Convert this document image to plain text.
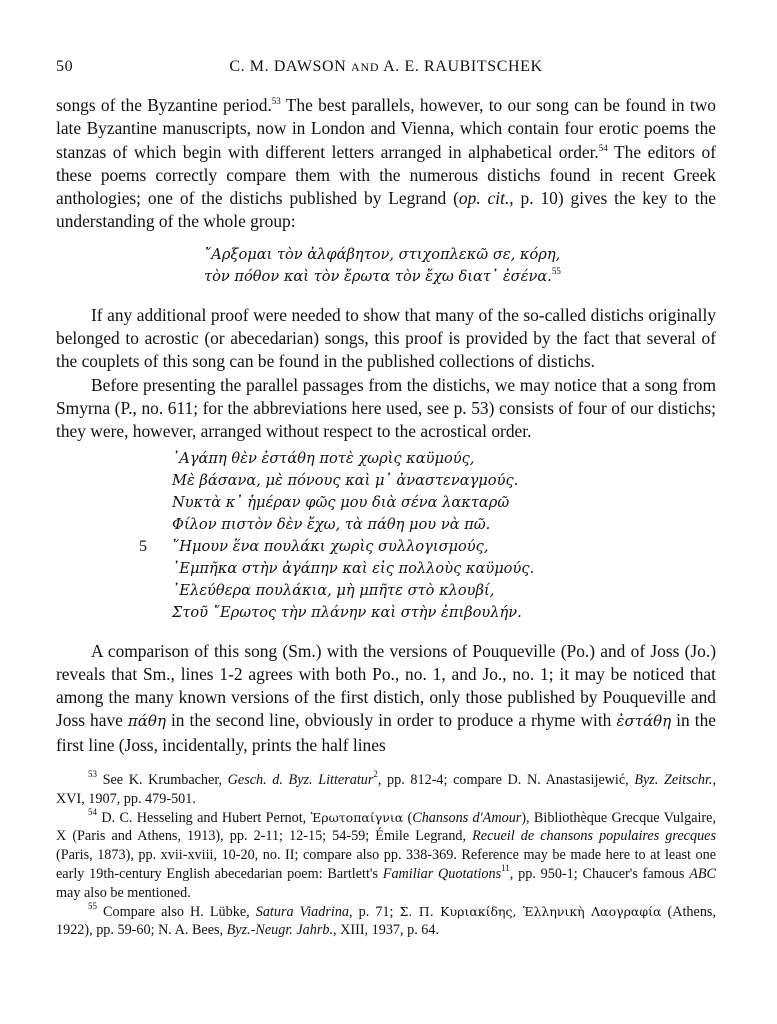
50	C. M. DAWSON AND A. E. RAUBITSCHEK

songs of the Byzantine period.$^{53}$ The best parallels, however, to our song can be found in two late Byzantine manuscripts, now in London and Vienna, which contain four erotic poems the stanzas of which begin with different letters arranged in alphabetical order.$^{54}$ The editors of these poems correctly compare them with the numerous distichs found in recent Greek anthologies; one of the distichs published by Legrand (op. cit., p. 10) gives the key to the understanding of the whole group:

῎Αρξομαι τὸν ἀλφάβητον, στιχοπλεκῶ σε, κόρη,
τὸν πόθον καὶ τὸν ἔρωτα τὸν ἔχω διατ᾽ ἐσένα.$^{55}$

If any additional proof were needed to show that many of the so-called distichs originally belonged to acrostic (or abecedarian) songs, this proof is provided by the fact that several of the couplets of this song can be found in the published collections of distichs.

Before presenting the parallel passages from the distichs, we may notice that a song from Smyrna (P., no. 611; for the abbreviations here used, see p. 53) consists of four of our distichs; they were, however, arranged without respect to the acrostical order.

᾿Αγάπη θὲν ἐστάθη ποτὲ χωρὶς καϋμούς,
Μὲ βάσανα, μὲ πόνους καὶ μ᾽ ἀναστεναγμούς.
Νυκτὰ κ᾽ ἡμέραν φῶς μου διὰ σένα λακταρῶ
Φίλον πιστὸν δὲν ἔχω, τὰ πάθη μου νὰ πῶ.
5 ῞Ημουν ἕνα πουλάκι χωρὶς συλλογισμούς,
᾿Εμπῆκα στὴν ἀγάπην καὶ εἰς πολλοὺς καϋμούς.
᾿Ελεύθερα πουλάκια, μὴ μπῆτε στὸ κλουβί,
Στοῦ ῎Ερωτος τὴν πλάνην καὶ στὴν ἐπιβουλήν.

A comparison of this song (Sm.) with the versions of Pouqueville (Po.) and of Joss (Jo.) reveals that Sm., lines 1-2 agrees with both Po., no. 1, and Jo., no. 1; it may be noticed that among the many known versions of the first distich, only those published by Pouqueville and Joss have πάθη in the second line, obviously in order to produce a rhyme with ἐστάθη in the first line (Joss, incidentally, prints the half lines

$^{53}$ See K. Krumbacher, Gesch. d. Byz. Litteratur$^2$, pp. 812-4; compare D. N. Anastasijewić, Byz. Zeitschr., XVI, 1907, pp. 479-501.

$^{54}$ D. C. Hesseling and Hubert Pernot, Ἐρωτοπαίγνια (Chansons d'Amour), Bibliothèque Grecque Vulgaire, X (Paris and Athens, 1913), pp. 2-11; 12-15; 54-59; Émile Legrand, Recueil de chansons populaires grecques (Paris, 1873), pp. xvii-xviii, 10-20, no. II; compare also pp. 338-369. Reference may be made here to at least one early 19th-century English abecedarian poem: Bartlett's Familiar Quotations$^{11}$, pp. 950-1; Chaucer's famous ABC may also be mentioned.

$^{55}$ Compare also H. Lübke, Satura Viadrina, p. 71; Σ. Π. Κυριακίδης, Ἑλληνικὴ Λαογραφία (Athens, 1922), pp. 59-60; N. A. Bees, Byz.-Neugr. Jahrb., XIII, 1937, p. 64.
